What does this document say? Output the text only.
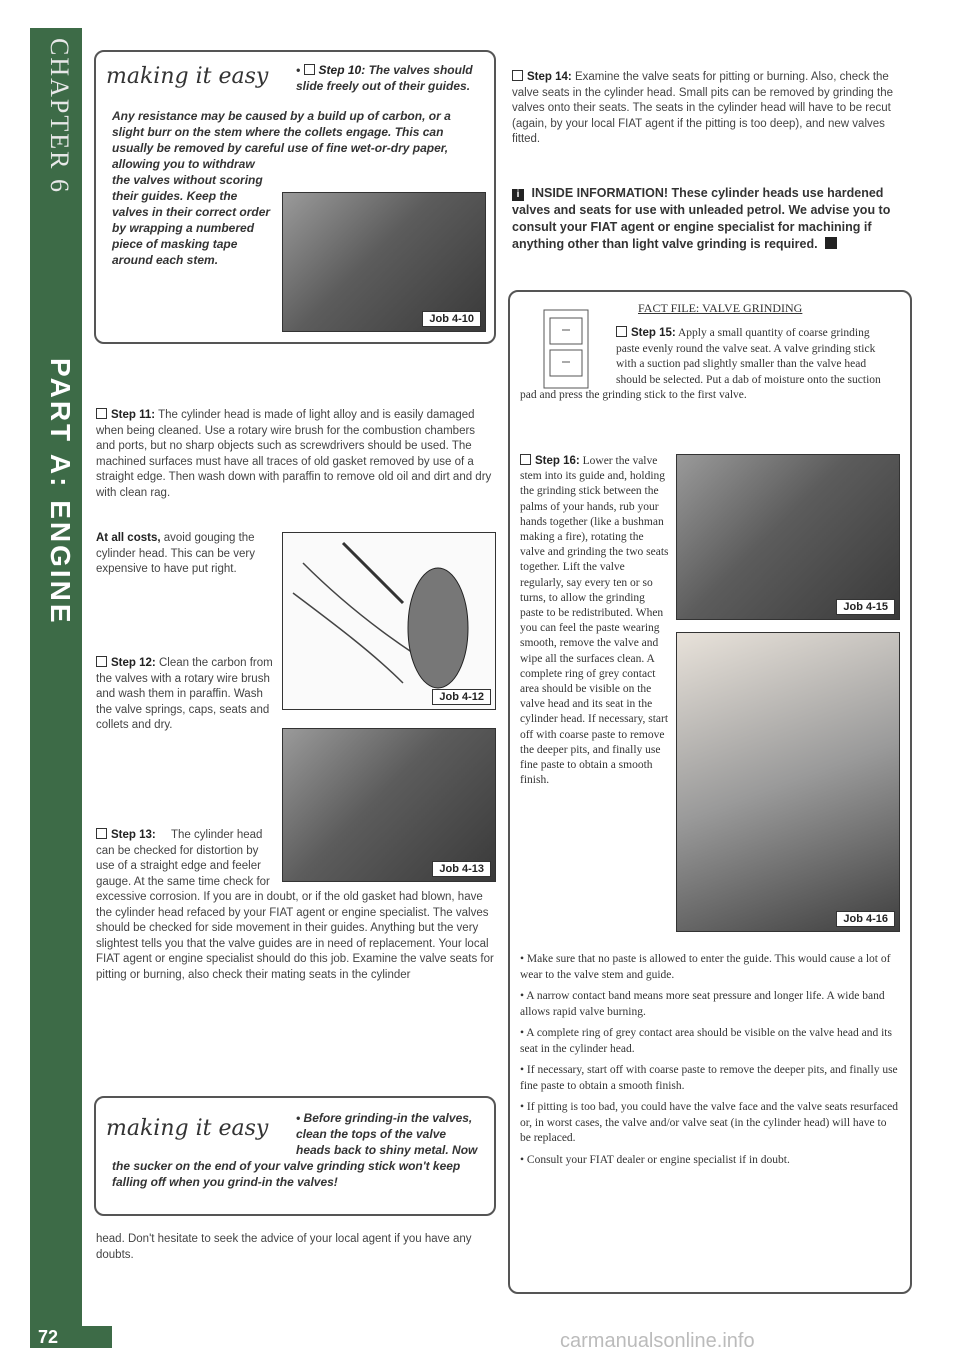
CHAPTER 6
PART A: ENGINE
72
making it easy	• Step 10: The valves should slide freely out of their guides. Any resistance may be caused by a build up of carbon, or a slight burr on the stem where the collets engage. This can usually be removed by careful use of fine wet-or-dry paper, allowing you to withdraw the valves without scoring their guides. Keep the valves in their correct order by wrapping a numbered piece of masking tape around each stem.
Job 4-10
Step 11: The cylinder head is made of light alloy and is easily damaged when being cleaned. Use a rotary wire brush for the combustion chambers and ports, but no sharp objects such as screwdrivers should be used. The machined surfaces must have all traces of old gasket removed by use of a straight edge. Then wash down with paraffin to remove old oil and dirt and dry with clean rag.
At all costs, avoid gouging the cylinder head. This can be very expensive to have put right.
Job 4-12
Step 12: Clean the carbon from the valves with a rotary wire brush and wash them in paraffin. Wash the valve springs, caps, seats and collets and dry.
Job 4-13
Step 13:	The cylinder head can be checked for distortion by use of a straight edge and feeler gauge. At the same time check for excessive corrosion. If you are in doubt, or if the old gasket had blown, have the cylinder head refaced by your FIAT agent or engine specialist. The valves should be checked for side movement in their guides. Anything but the very slightest tells you that the valve guides are in need of replacement. Your local FIAT agent or engine specialist should do this job. Examine the valve seats for pitting or burning, also check their mating seats in the cylinder
making it easy	• Before grinding-in the valves, clean the tops of the valve heads back to shiny metal. Now the sucker on the end of your valve grinding stick won't keep falling off when you grind-in the valves!
head. Don't hesitate to seek the advice of your local agent if you have any doubts.
Step 14: Examine the valve seats for pitting or burning. Also, check the valve seats in the cylinder head. Small pits can be removed by grinding the valves onto their seats. The seats in the cylinder head will have to be recut (again, by your local FIAT agent if the pitting is too deep), and new valves fitted.
i INSIDE INFORMATION! These cylinder heads use hardened valves and seats for use with unleaded petrol. We advise you to consult your FIAT agent or engine specialist for machining if anything other than light valve grinding is required.
FACT FILE: VALVE GRINDING
Step 15: Apply a small quantity of coarse grinding paste evenly round the valve seat. A valve grinding stick with a suction pad slightly smaller than the valve head should be selected. Put a dab of moisture onto the suction pad and press the grinding stick to the first valve.
Job 4-15
Job 4-16
Step 16: Lower the valve stem into its guide and, holding the grinding stick between the palms of your hands, rub your hands together (like a bushman making a fire), rotating the valve and grinding the two seats together. Lift the valve regularly, say every ten or so turns, to allow the grinding paste to be redistributed. When you can feel the paste wearing smooth, remove the valve and wipe all the surfaces clean. A complete ring of grey contact area should be visible on the valve head and its seat in the cylinder head. If necessary, start off with coarse paste to remove the deeper pits, and finally use fine paste to obtain a smooth finish.
• Make sure that no paste is allowed to enter the guide. This would cause a lot of wear to the valve stem and guide.
• A narrow contact band means more seat pressure and longer life. A wide band allows rapid valve burning.
• A complete ring of grey contact area should be visible on the valve head and its seat in the cylinder head.
• If necessary, start off with coarse paste to remove the deeper pits, and finally use fine paste to obtain a smooth finish.
• If pitting is too bad, you could have the valve face and the valve seats resurfaced or, in worst cases, the valve and/or valve seat (in the cylinder head) will have to be replaced.
• Consult your FIAT dealer or engine specialist if in doubt.
carmanualsonline.info
